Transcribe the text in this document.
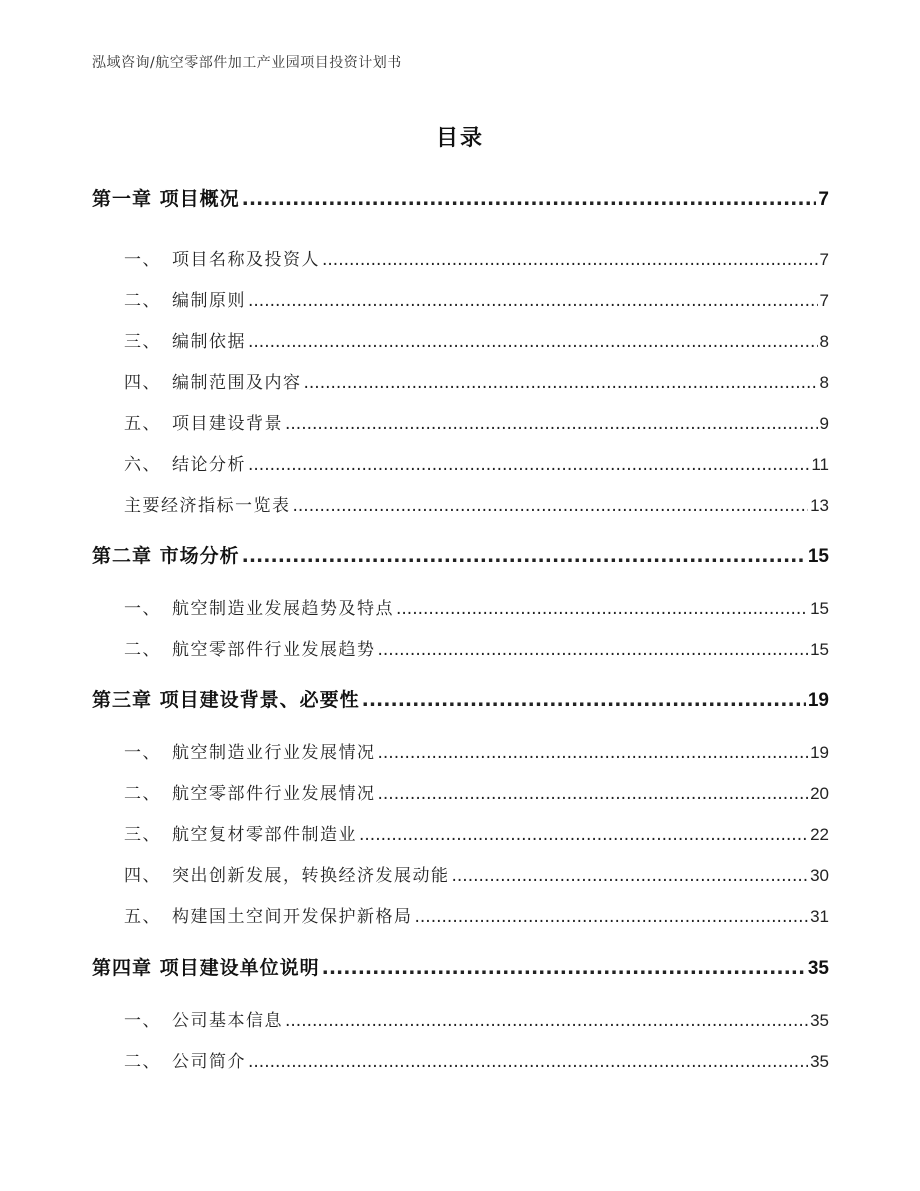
泓域咨询/航空零部件加工产业园项目投资计划书
目录
第一章 项目概况 .....	7
一、 项目名称及投资人 .....	7
二、 编制原则 .....	7
三、 编制依据 .....	8
四、 编制范围及内容 .....	8
五、 项目建设背景 .....	9
六、 结论分析 .....	11
主要经济指标一览表 .....	13
第二章 市场分析 .....	15
一、 航空制造业发展趋势及特点 .....	15
二、 航空零部件行业发展趋势 .....	15
第三章 项目建设背景、必要性 .....	19
一、 航空制造业行业发展情况 .....	19
二、 航空零部件行业发展情况 .....	20
三、 航空复材零部件制造业 .....	22
四、 突出创新发展，转换经济发展动能 .....	30
五、 构建国土空间开发保护新格局 .....	31
第四章 项目建设单位说明 .....	35
一、 公司基本信息 .....	35
二、 公司简介 .....	35
